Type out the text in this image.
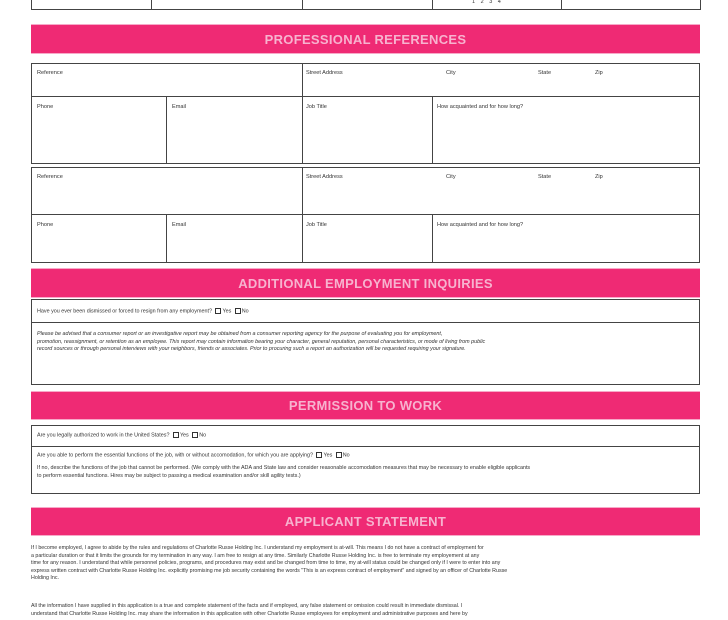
1 2 3 4
PROFESSIONAL REFERENCES
Reference	Street Address	City	State	Zip
Phone	Email	Job Title	How acquainted and for how long?
Reference	Street Address	City	State	Zip
Phone	Email	Job Title	How acquainted and for how long?
ADDITIONAL EMPLOYMENT INQUIRIES
Have you ever been dismissed or forced to resign from any employment? Yes No
Please be advised that a consumer report or an investigative report may be obtained from a consumer reporting agency for the purpose of evaluating you for employment,
promotion, reassignment, or retention as an employee. This report may contain information bearing your character, general reputation, personal characteristics, or mode of living from public
record sources or through personal interviews with your neighbors, friends or associates. Prior to procuring such a report an authorization will be requested requiring your signature.
PERMISSION TO WORK
Are you legally authorized to work in the United States? Yes No
Are you able to perform the essential functions of the job, with or without accomodation, for which you are applying? Yes No
If no, describe the functions of the job that cannot be performed. (We comply with the ADA and State law and consider reasonable accomodation measures that may be necessary to enable eligible applicants
to perform essential functions. Hires may be subject to passing a medical examination and/or skill agility tests.)
APPLICANT STATEMENT
If I become employed, I agree to abide by the rules and regulations of Charlotte Russe Holding Inc. I understand my employment is at-will. This means I do not have a contract of employment for
a particular duration or that it limits the grounds for my termination in any way. I am free to resign at any time. Similarly Charlotte Russe Holding Inc. is free to terminate my employement at any
time for any reason. I understand that while personnel policies, programs, and procedures may exist and be changed from time to time, my at-will status could be changed only if I were to enter into any
express written contract with Charlotte Russe Holding Inc. explicitly promising me job security containing the words "This is an express contract of employment" and signed by an officer of Charlotte Russe
Holding Inc.
All the information I have supplied in this application is a true and complete statement of the facts and if employed, any false statement or omission could result in immediate dismissal. I
understand that Charlotte Russe Holding Inc. may share the information in this application with other Charlotte Russe employees for employment and administrative purposes and here by
